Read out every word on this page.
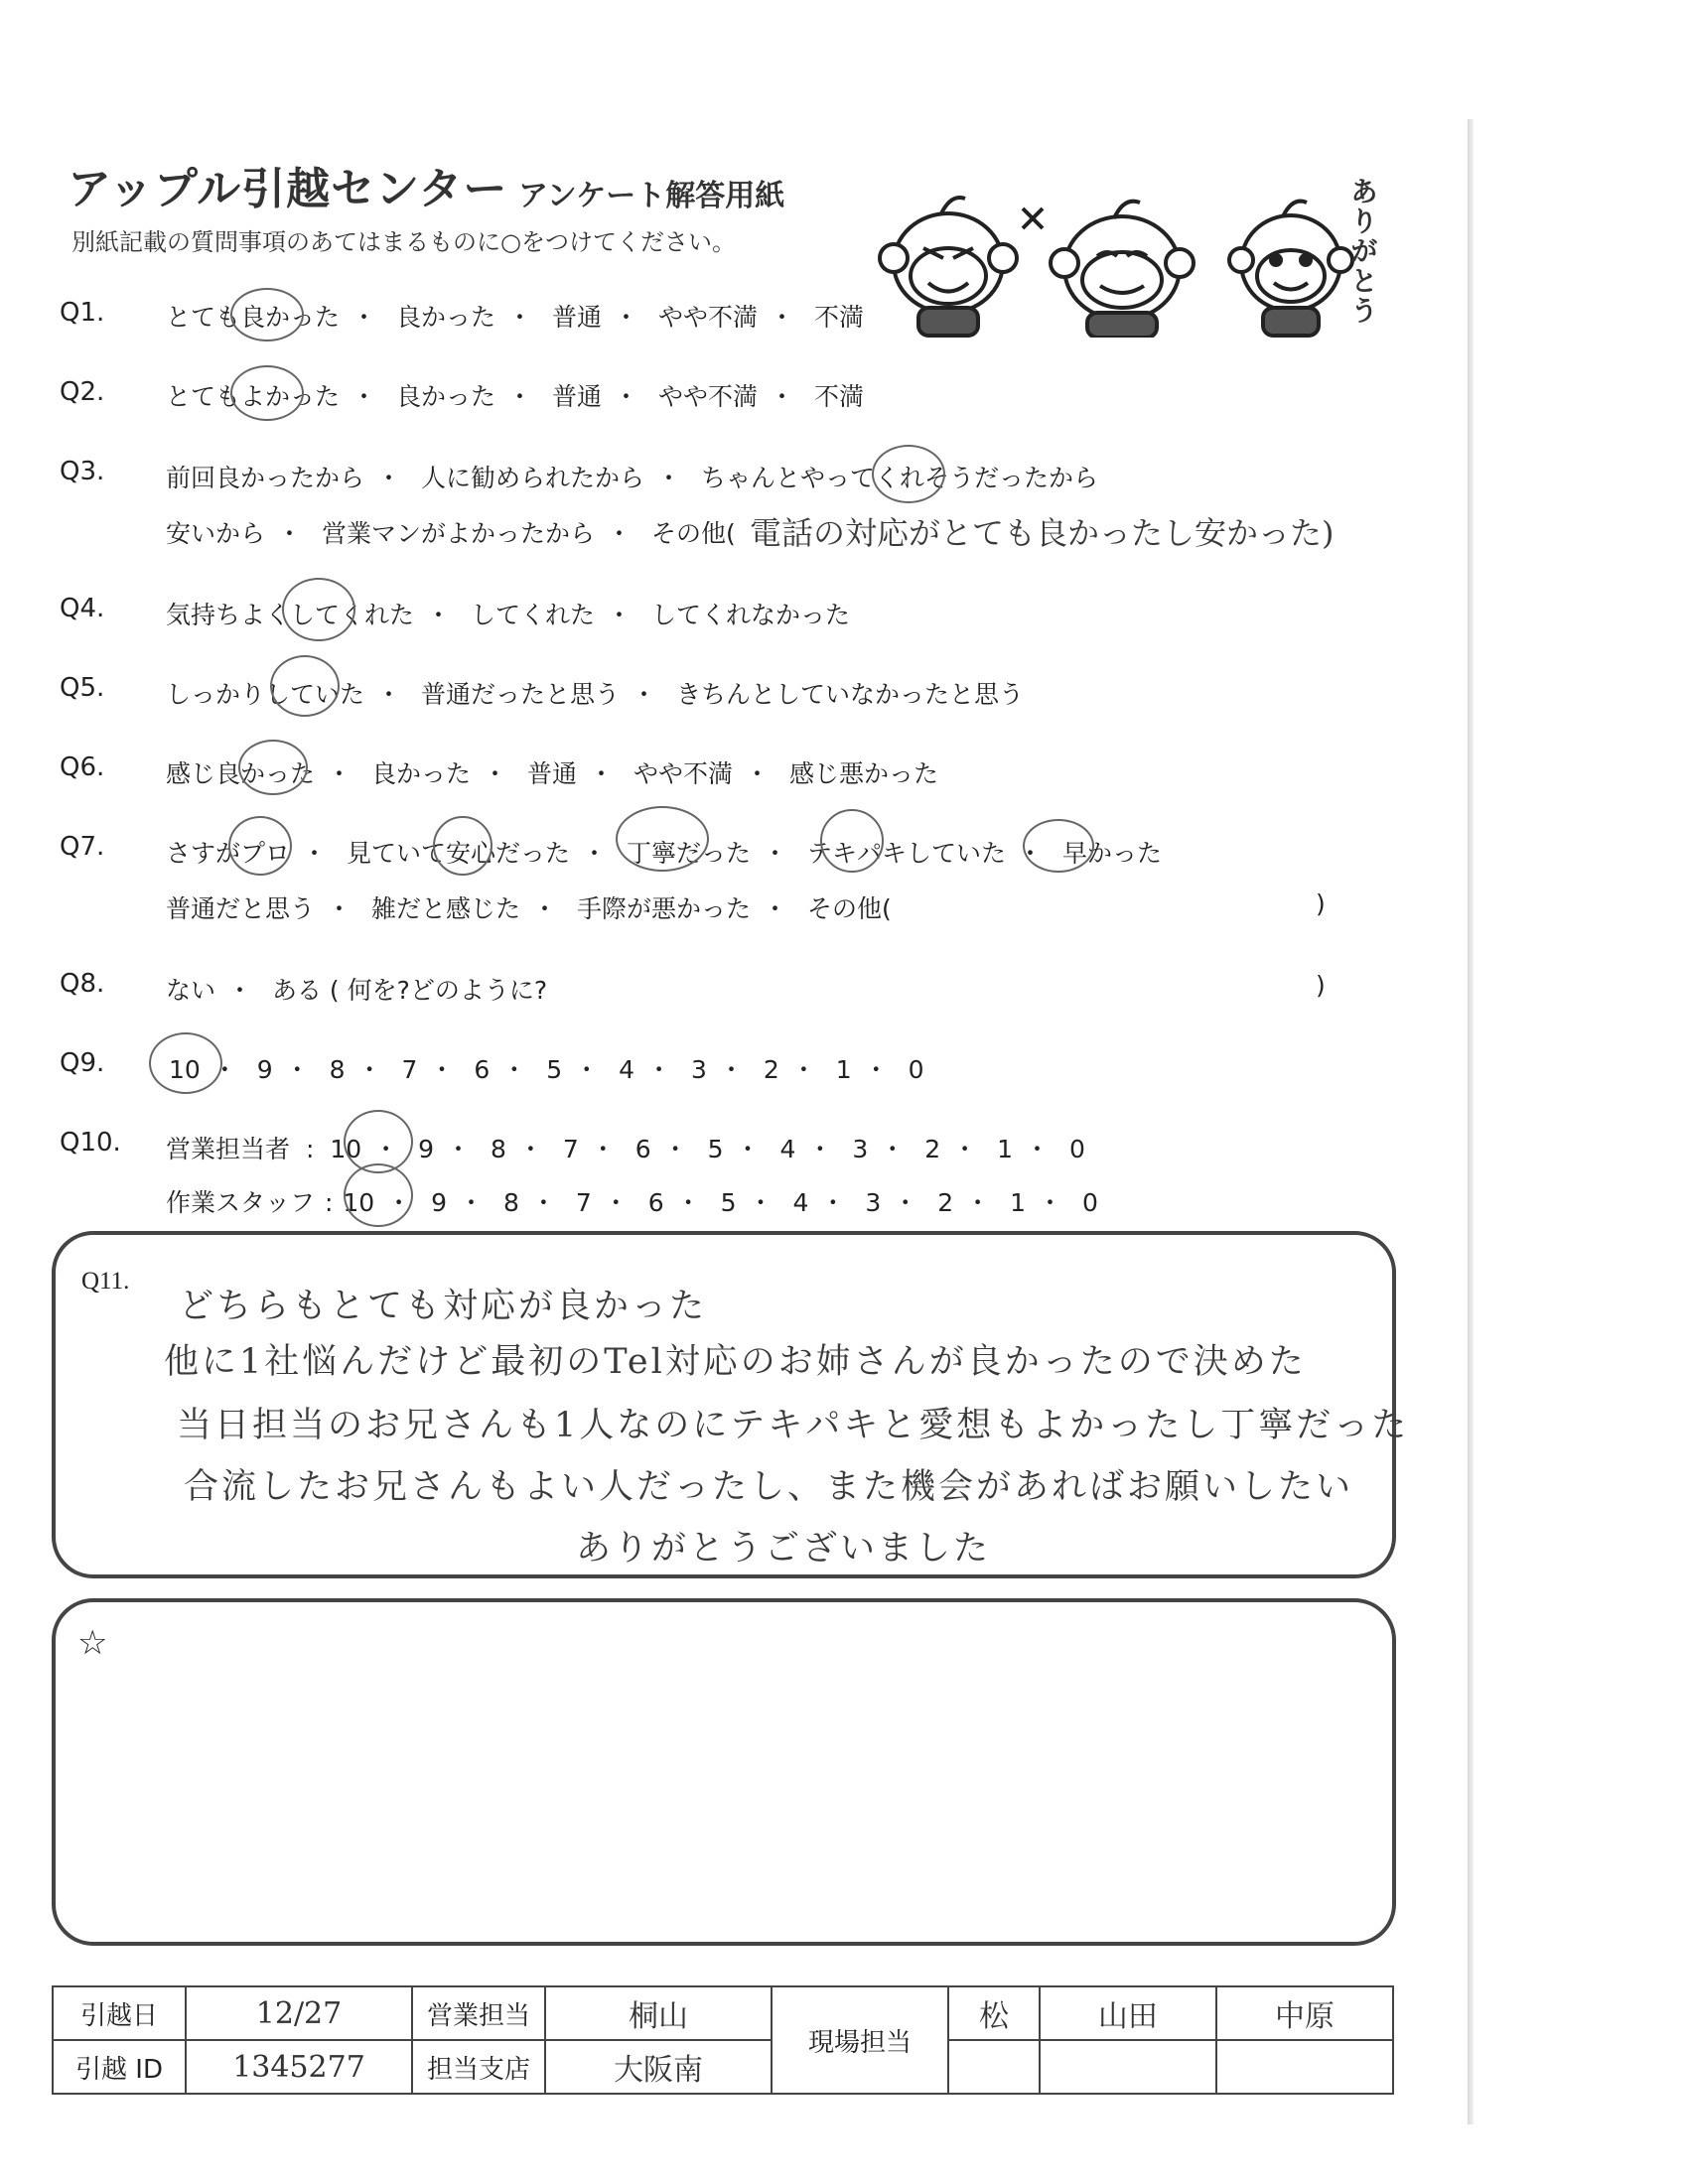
アップル引越センター アンケート解答用紙
別紙記載の質問事項のあてはまるものに○をつけてください。	ありがとう
Q1. とても良かった ・ 良かった ・ 普通 ・ やや不満 ・ 不満
Q2. とてもよかった ・ 良かった ・ 普通 ・ やや不満 ・ 不満
Q3. 前回良かったから ・ 人に勧められたから ・ ちゃんとやってくれそうだったから
安いから ・ 営業マンがよかったから ・ その他( 電話の対応がとても良かったし安かった)
Q4. 気持ちよくしてくれた ・ してくれた ・ してくれなかった
Q5. しっかりしていた ・ 普通だったと思う ・ きちんとしていなかったと思う
Q6. 感じ良かった ・ 良かった ・ 普通 ・ やや不満 ・ 感じ悪かった
Q7. さすがプロ ・ 見ていて安心だった ・ 丁寧だった ・ テキパキしていた ・ 早かった
普通だと思う ・ 雑だと感じた ・ 手際が悪かった ・ その他(	)
Q8. ない ・ ある ( 何を?どのように?	)
Q9.	10 ・ 9 ・ 8 ・ 7 ・ 6 ・ 5 ・ 4 ・ 3 ・ 2 ・ 1 ・ 0
Q10. 営業担当者 : 10 ・ 9 ・ 8 ・ 7 ・ 6 ・ 5 ・ 4 ・ 3 ・ 2 ・ 1 ・ 0
作業スタッフ : 10 ・ 9 ・ 8 ・ 7 ・ 6 ・ 5 ・ 4 ・ 3 ・ 2 ・ 1 ・ 0
Q11.
どちらもとても対応が良かった
他に1社悩んだけど最初のTel対応のお姉さんが良かったので決めた
当日担当のお兄さんも1人なのにテキパキと愛想もよかったし丁寧だった
合流したお兄さんもよい人だったし、また機会があればお願いしたい
ありがとうございました
☆
引越日	12/27	営業担当	桐山	現場担当	松	山田	中原
引越 ID	1345277	担当支店	大阪南				
